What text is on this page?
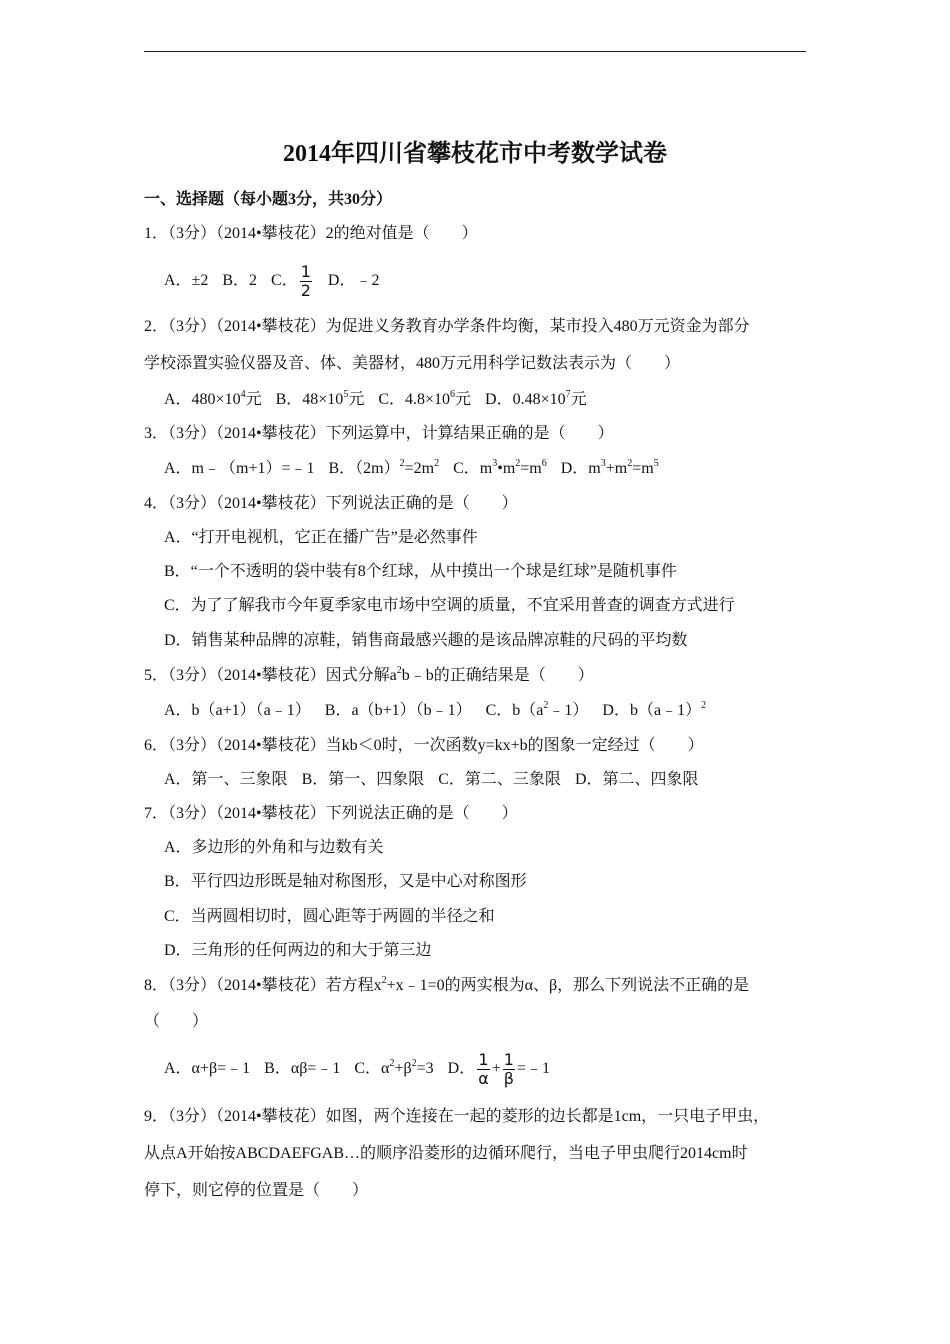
2014年四川省攀枝花市中考数学试卷
一、选择题（每小题3分，共30分）
1．（3分）（2014•攀枝花）2的绝对值是（　　）
A．±2 B．2 C． $\frac{1}{2}$ D．﹣2
2．（3分）（2014•攀枝花）为促进义务教育办学条件均衡，某市投入480万元资金为部分
学校添置实验仪器及音、体、美器材，480万元用科学记数法表示为（　　）
A．$480\times 10^4$元 B．$48\times 10^5$元 C．$4.8\times 10^6$元 D．$0.48\times 10^7$元
3．（3分）（2014•攀枝花）下列运算中，计算结果正确的是（　　）
A．m﹣（m+1）=﹣1 B．$(2m)^2=2m^2$ C．$m^3•m^2=m^6$ D．$m^3+m^2=m^5$
4．（3分）（2014•攀枝花）下列说法正确的是（　　）
A．“打开电视机，它正在播广告”是必然事件
B．“一个不透明的袋中装有8个红球，从中摸出一个球是红球”是随机事件
C．为了了解我市今年夏季家电市场中空调的质量，不宜采用普查的调查方式进行
D．销售某种品牌的凉鞋，销售商最感兴趣的是该品牌凉鞋的尺码的平均数
5．（3分）（2014•攀枝花）因式分解$a^2b﹣b$的正确结果是（　　）
A．b（a+1）（a﹣1） B．a（b+1）（b﹣1） C．$b(a^2﹣1)$ D．b（a﹣1）$^2$
6．（3分）（2014•攀枝花）当kb＜0时，一次函数y=kx+b的图象一定经过（　　）
A．第一、三象限 B．第一、四象限 C．第二、三象限 D．第二、四象限
7．（3分）（2014•攀枝花）下列说法正确的是（　　）
A．多边形的外角和与边数有关
B．平行四边形既是轴对称图形，又是中心对称图形
C．当两圆相切时，圆心距等于两圆的半径之和
D．三角形的任何两边的和大于第三边
8．（3分）（2014•攀枝花）若方程$x^2+x﹣1=0$的两实根为α、β，那么下列说法不正确的是
（　　）
A．α+β=﹣1 B．αβ=﹣1 C．$\alpha^2+\beta^2=3$ D． $\frac{1}{\alpha} + \frac{1}{\beta}$ =﹣1
9．（3分）（2014•攀枝花）如图，两个连接在一起的菱形的边长都是1cm，一只电子甲虫，
从点A开始按ABCDAEFGAB…的顺序沿菱形的边循环爬行，当电子甲虫爬行2014cm时
停下，则它停的位置是（　　）
